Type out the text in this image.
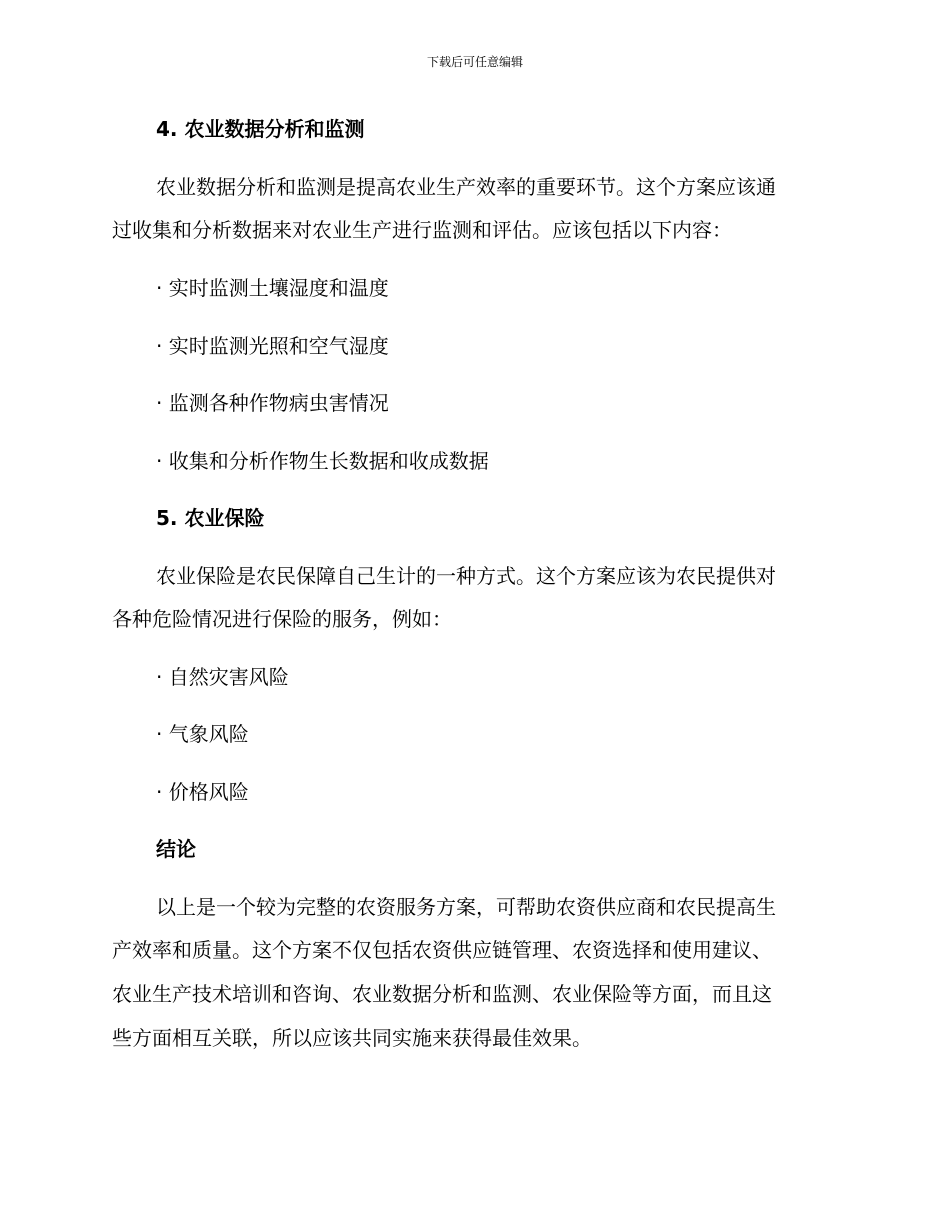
下载后可任意编辑
4. 农业数据分析和监测
农业数据分析和监测是提高农业生产效率的重要环节。这个方案应该通
过收集和分析数据来对农业生产进行监测和评估。应该包括以下内容：
· 实时监测土壤湿度和温度
· 实时监测光照和空气湿度
· 监测各种作物病虫害情况
· 收集和分析作物生长数据和收成数据
5. 农业保险
农业保险是农民保障自己生计的一种方式。这个方案应该为农民提供对
各种危险情况进行保险的服务，例如：
· 自然灾害风险
· 气象风险
· 价格风险
结论
以上是一个较为完整的农资服务方案，可帮助农资供应商和农民提高生
产效率和质量。这个方案不仅包括农资供应链管理、农资选择和使用建议、
农业生产技术培训和咨询、农业数据分析和监测、农业保险等方面，而且这
些方面相互关联，所以应该共同实施来获得最佳效果。
